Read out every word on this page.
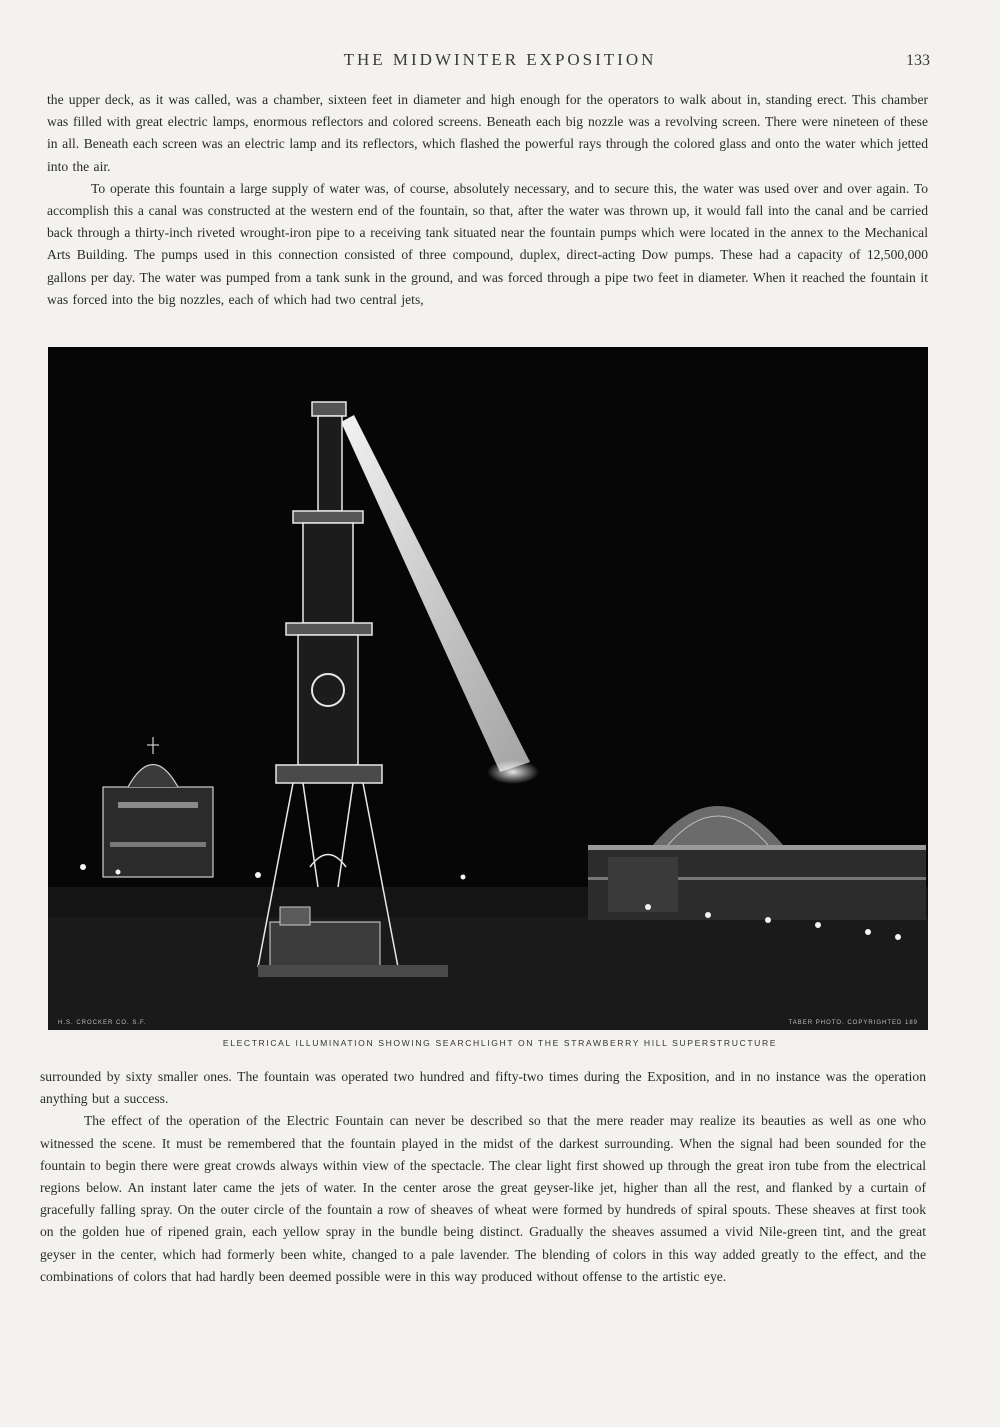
THE MIDWINTER EXPOSITION	133

the upper deck, as it was called, was a chamber, sixteen feet in diameter and high enough for the operators to walk about in, standing erect. This chamber was filled with great electric lamps, enormous reflectors and colored screens. Beneath each big nozzle was a revolving screen. There were nineteen of these in all. Beneath each screen was an electric lamp and its reflectors, which flashed the powerful rays through the colored glass and onto the water which jetted into the air.

To operate this fountain a large supply of water was, of course, absolutely necessary, and to secure this, the water was used over and over again. To accomplish this a canal was constructed at the western end of the fountain, so that, after the water was thrown up, it would fall into the canal and be carried back through a thirty-inch riveted wrought-iron pipe to a receiving tank situated near the fountain pumps which were located in the annex to the Mechanical Arts Building. The pumps used in this connection consisted of three compound, duplex, direct-acting Dow pumps. These had a capacity of 12,500,000 gallons per day. The water was pumped from a tank sunk in the ground, and was forced through a pipe two feet in diameter. When it reached the fountain it was forced into the big nozzles, each of which had two central jets,

H.S. CROCKER CO. S.F.	TABER PHOTO. COPYRIGHTED 189
ELECTRICAL ILLUMINATION SHOWING SEARCHLIGHT ON THE STRAWBERRY HILL SUPERSTRUCTURE

surrounded by sixty smaller ones. The fountain was operated two hundred and fifty-two times during the Exposition, and in no instance was the operation anything but a success.

The effect of the operation of the Electric Fountain can never be described so that the mere reader may realize its beauties as well as one who witnessed the scene. It must be remembered that the fountain played in the midst of the darkest surrounding. When the signal had been sounded for the fountain to begin there were great crowds always within view of the spectacle. The clear light first showed up through the great iron tube from the electrical regions below. An instant later came the jets of water. In the center arose the great geyser-like jet, higher than all the rest, and flanked by a curtain of gracefully falling spray. On the outer circle of the fountain a row of sheaves of wheat were formed by hundreds of spiral spouts. These sheaves at first took on the golden hue of ripened grain, each yellow spray in the bundle being distinct. Gradually the sheaves assumed a vivid Nile-green tint, and the great geyser in the center, which had formerly been white, changed to a pale lavender. The blending of colors in this way added greatly to the effect, and the combinations of colors that had hardly been deemed possible were in this way produced without offense to the artistic eye.
